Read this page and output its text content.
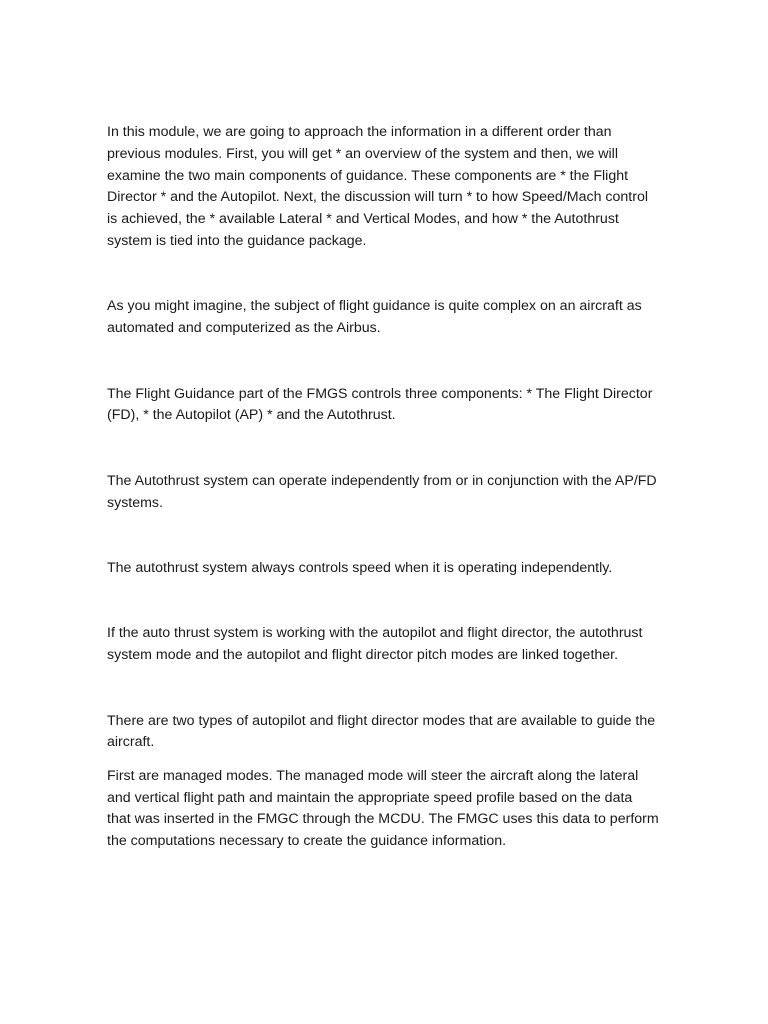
In this module, we are going to approach the information in a different order than previous modules. First, you will get * an overview of the system and then, we will examine the two main components of guidance. These components are * the Flight Director * and the Autopilot. Next, the discussion will turn * to how Speed/Mach control is achieved, the * available Lateral * and Vertical Modes, and how * the Autothrust system is tied into the guidance package.

As you might imagine, the subject of flight guidance is quite complex on an aircraft as automated and computerized as the Airbus.

The Flight Guidance part of the FMGS controls three components: * The Flight Director (FD), * the Autopilot (AP) * and the Autothrust.

The Autothrust system can operate independently from or in conjunction with the AP/FD systems.

The autothrust system always controls speed when it is operating independently.

If the auto thrust system is working with the autopilot and flight director, the autothrust system mode and the autopilot and flight director pitch modes are linked together.

There are two types of autopilot and flight director modes that are available to guide the aircraft.

First are managed modes. The managed mode will steer the aircraft along the lateral and vertical flight path and maintain the appropriate speed profile based on the data that was inserted in the FMGC through the MCDU. The FMGC uses this data to perform the computations necessary to create the guidance information.
